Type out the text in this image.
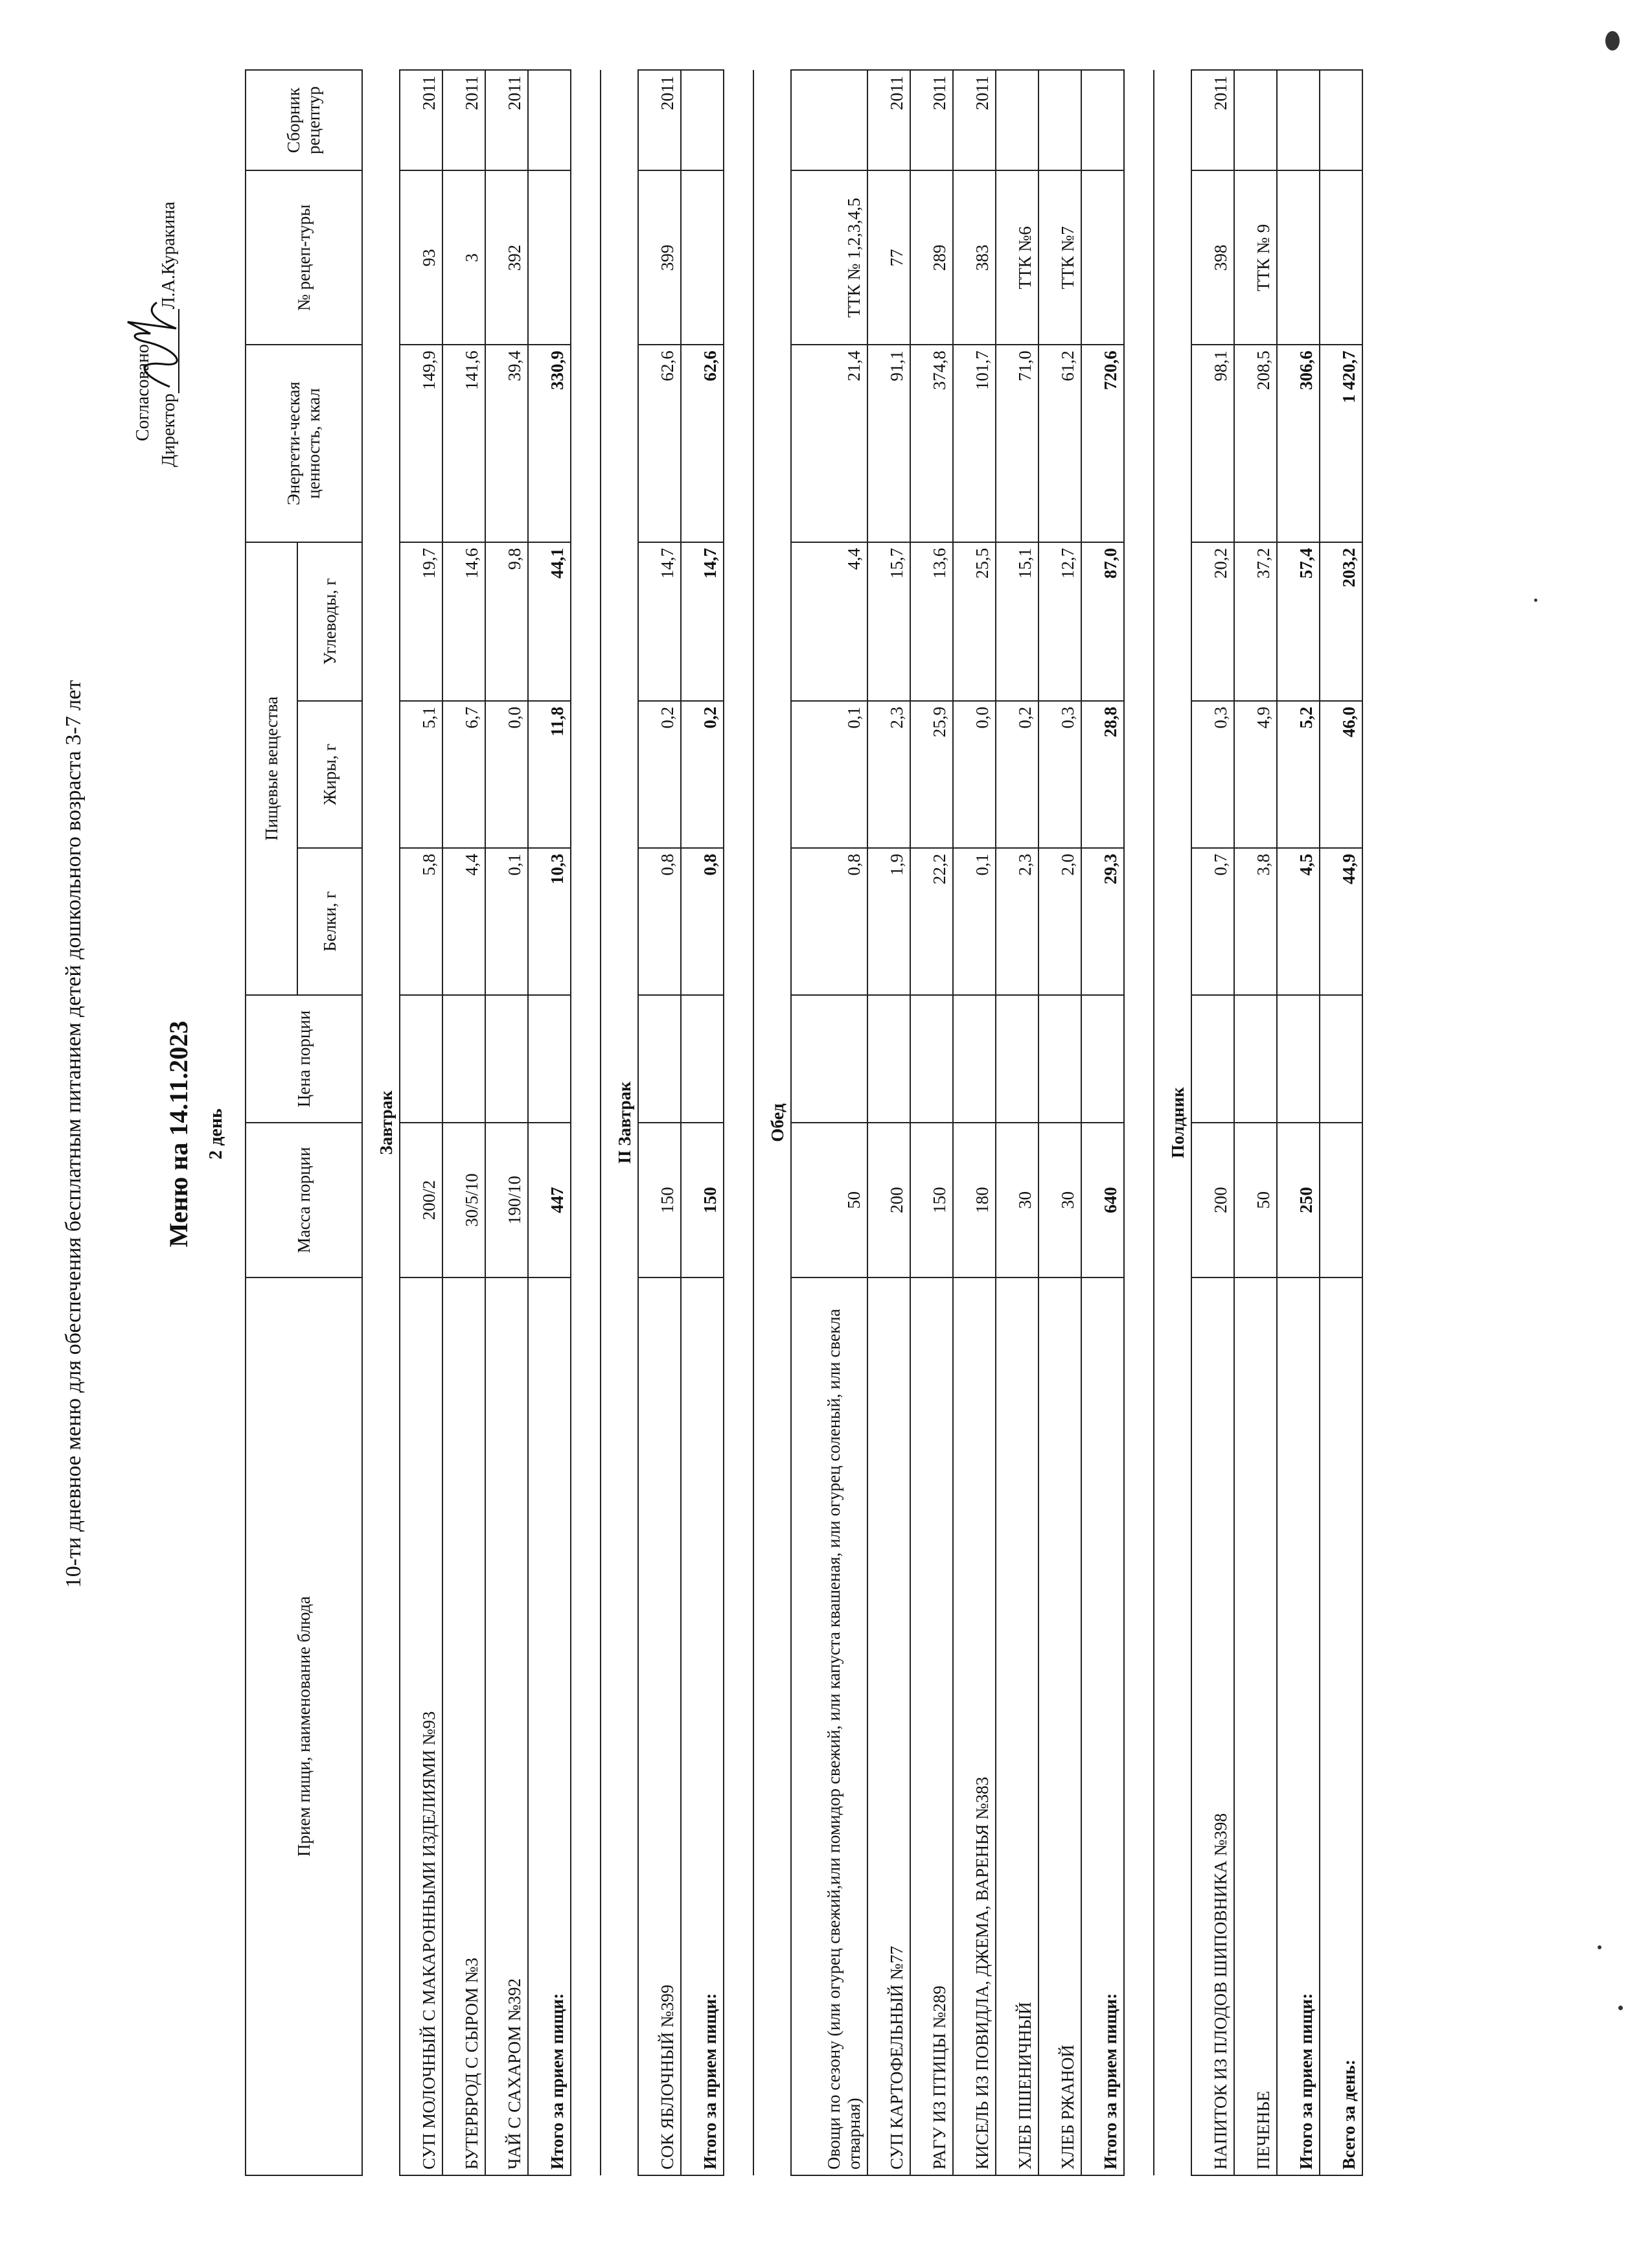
10-ти дневное меню для обеспечения бесплатным питанием детей дошкольного возраста 3-7 лет
Согласовано Директор
Л.А.Куракина
Меню на 14.11.2023 2 день
Прием пищи, наименование блюда	Масса порции	Цена порции	Пищевые вещества			Энергети-ческая ценность, ккал	№ рецеп-туры	Сборник рецептур
			Белки, г	Жиры, г	Углеводы, г			
Завтрак								
СУП МОЛОЧНЫЙ С МАКАРОННЫМИ ИЗДЕЛИЯМИ №93	200/2		5,8	5,1	19,7	149,9	93	2011
БУТЕРБРОД С СЫРОМ №3	30/5/10		4,4	6,7	14,6	141,6	3	2011
ЧАЙ С САХАРОМ №392	190/10		0,1	0,0	9,8	39,4	392	2011
Итого за прием пищи:	447		10,3	11,8	44,1	330,9		

II Завтрак								
СОК ЯБЛОЧНЫЙ №399	150		0,8	0,2	14,7	62,6	399	2011
Итого за прием пищи:	150		0,8	0,2	14,7	62,6		

Обед								
Овощи по сезону (или огурец свежий,или помидор свежий, или капуста квашеная, или огурец соленый, или свекла отварная)	50		0,8	0,1	4,4	21,4	ТТК № 1,2,3,4,5	
СУП КАРТОФЕЛЬНЫЙ №77	200		1,9	2,3	15,7	91,1	77	2011
РАГУ ИЗ ПТИЦЫ №289	150		22,2	25,9	13,6	374,8	289	2011
КИСЕЛЬ ИЗ ПОВИДЛА, ДЖЕМА, ВАРЕНЬЯ №383	180		0,1	0,0	25,5	101,7	383	2011
ХЛЕБ ПШЕНИЧНЫЙ	30		2,3	0,2	15,1	71,0	ТТК №6	
ХЛЕБ РЖАНОЙ	30		2,0	0,3	12,7	61,2	ТТК №7	
Итого за прием пищи:	640		29,3	28,8	87,0	720,6		

Полдник								
НАПИТОК ИЗ ПЛОДОВ ШИПОВНИКА №398	200		0,7	0,3	20,2	98,1	398	2011
ПЕЧЕНЬЕ	50		3,8	4,9	37,2	208,5	ТТК № 9	
Итого за прием пищи:	250		4,5	5,2	57,4	306,6		
Всего за день:			44,9	46,0	203,2	1 420,7		
